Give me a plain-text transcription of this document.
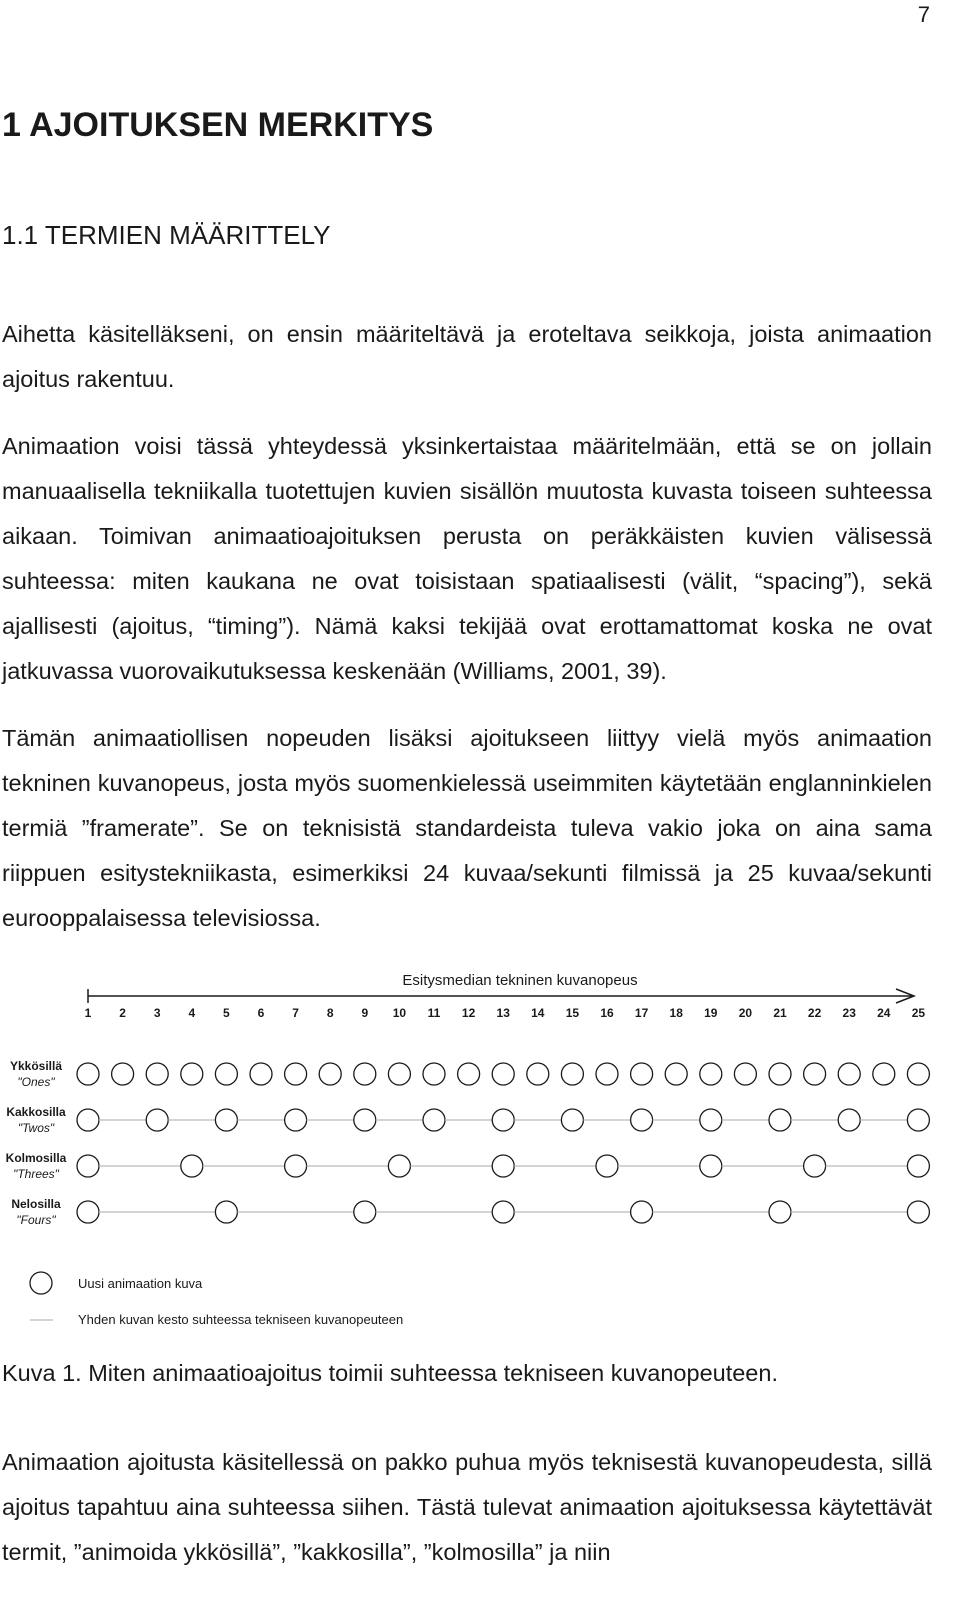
7
1 AJOITUKSEN MERKITYS
1.1 TERMIEN MÄÄRITTELY

Aihetta käsitelläkseni, on ensin määriteltävä ja eroteltava seikkoja, joista animaation ajoitus rakentuu.

Animaation voisi tässä yhteydessä yksinkertaistaa määritelmään, että se on jollain manuaalisella tekniikalla tuotettujen kuvien sisällön muutosta kuvasta toiseen suhteessa aikaan. Toimivan animaatioajoituksen perusta on peräkkäisten kuvien välisessä suhteessa: miten kaukana ne ovat toisistaan spatiaalisesti (välit, “spacing”), sekä ajallisesti (ajoitus, “timing”). Nämä kaksi tekijää ovat erottamattomat koska ne ovat jatkuvassa vuorovaikutuksessa keskenään (Williams, 2001, 39).

Tämän animaatiollisen nopeuden lisäksi ajoitukseen liittyy vielä myös animaation tekninen kuvanopeus, josta myös suomenkielessä useimmiten käytetään englanninkielen termiä ”framerate”. Se on teknisistä standardeista tuleva vakio joka on aina sama riippuen esitystekniikasta, esimerkiksi 24 kuvaa/sekunti filmissä ja 25 kuvaa/sekunti eurooppalaisessa televisiossa.

Esitysmedian tekninen kuvanopeus
1 2 3 4 5 6 7 8 9 10 11 12 13 14 15 16 17 18 19 20 21 22 23 24 25
Ykkösillä
"Ones"
Kakkosilla
"Twos"
Kolmosilla
"Threes"
Nelosilla
"Fours"
Uusi animaation kuva
Yhden kuvan kesto suhteessa tekniseen kuvanopeuteen

Kuva 1. Miten animaatioajoitus toimii suhteessa tekniseen kuvanopeuteen.

Animaation ajoitusta käsitellessä on pakko puhua myös teknisestä kuvanopeudesta, sillä ajoitus tapahtuu aina suhteessa siihen. Tästä tulevat animaation ajoituksessa käytettävät termit, ”animoida ykkösillä”, ”kakkosilla”, ”kolmosilla” ja niin
